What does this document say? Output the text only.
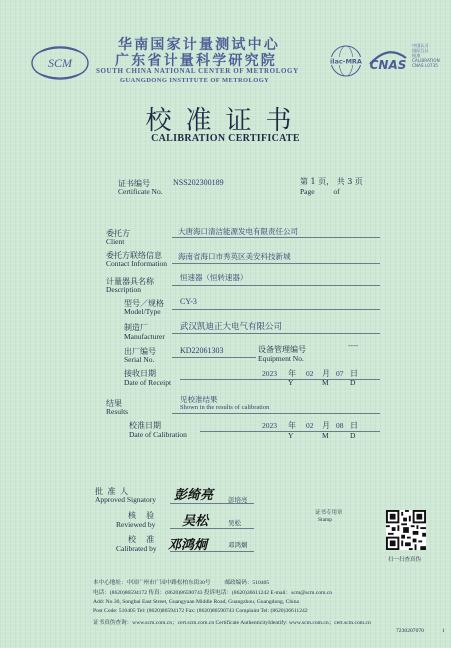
SCM
华南国家计量测试中心
广东省计量科学研究院
SOUTH CHINA NATIONAL CENTER OF METROLOGY
GUANGDONG INSTITUTE OF METROLOGY
ilac-MRA CNAS
中国认可
国际互认
校准
CALIBRATION
CNAS L0735
校准证书
CALIBRATION CERTIFICATE
证书编号
Certificate No.
NSS202300189	第 1 页， 共 3 页
Page          of
委托方
Client
大唐海口清洁能源发电有限责任公司
委托方联络信息
Contact Information
海南省海口市秀英区美安科技新城
计量器具名称
Description
恒速器（恒转速器）
型号／规格
Model/Type
CY-3
制造厂
Manufacturer
武汉凯迪正大电气有限公司
出厂编号
Serial No.
KD22061303	设备管理编号
Equipment No.
----
接收日期
Date of Receipt
2023 年 02 月 07 日
Y	M	D
结果
Results
见校准结果
Shown in the results of calibration
校准日期
Date of Calibration
2023 年 02 月 08 日
Y	M	D
批 准 人
Approved Signatory 彭绮亮 彭培亮
核    验
Reviewed by 吴松	吴松
校    准
Calibrated by 邓鸿炯	邓鸿炯
证书专用章
Stamp
扫一扫查真伪
本中心地址：中国广州市广园中路松柏东街30号          邮政编码：510405
电话：(8620)86594172 传真：(8620)86590743 投诉电话：(8620)36611242 E-mail：scm@scm.com.cn
Add: No.30, Songbai East Street, Guangyuan Middle Road, Guangzhou, Guangdong, China
Post Code: 510405 Tel: (8620)86594172 Fax: (8620)86590743 Complaint Tel: (8620)36611242
证书真伪查询：www.scm.com.cn；cert.scm.com.cn Certificate AuthenticityIdentify: www.scm.com.cn；cert.scm.com.cn
7230207070	1
